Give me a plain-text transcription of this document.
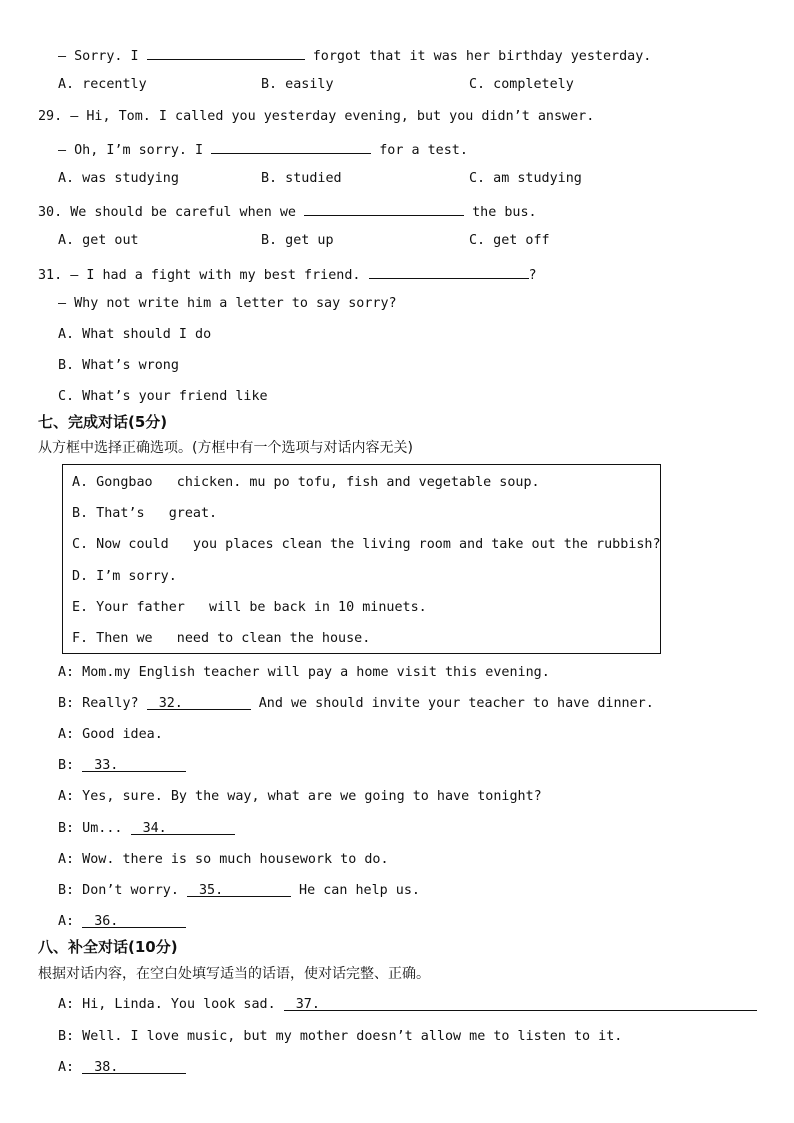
— Sorry. I	forgot that it was her birthday yesterday.
A. recently	B. easily	C. completely
29. — Hi, Tom. I called you yesterday evening, but you didn’t answer.
— Oh, I’m sorry. I	for a test.
A. was studying	B. studied	C. am studying
30. We should be careful when we	the bus.
A. get out	B. get up	C. get off
31. — I had a fight with my best friend.	?
— Why not write him a letter to say sorry?
A. What should I do
B. What’s wrong
C. What’s your friend like
七、完成对话(5分)
从方框中选择正确选项。(方框中有一个选项与对话内容无关)
A. Gongbao   chicken. mu po tofu, fish and vegetable soup.
B. That’s   great.
C. Now could   you places clean the living room and take out the rubbish?
D. I’m sorry.
E. Your father   will be back in 10 minuets.
F. Then we   need to clean the house.
A: Mom.my English teacher will pay a home visit this evening.
B: Really? 32.	And we should invite your teacher to have dinner.
A: Good idea.
B: 33.
A: Yes, sure. By the way, what are we going to have tonight?
B: Um... 34.
A: Wow. there is so much housework to do.
B: Don’t worry. 35.	He can help us.
A: 36.
八、补全对话(10分)
根据对话内容，在空白处填写适当的话语，使对话完整、正确。
A: Hi, Linda. You look sad. 37.
B: Well. I love music, but my mother doesn’t allow me to listen to it.
A: 38.
